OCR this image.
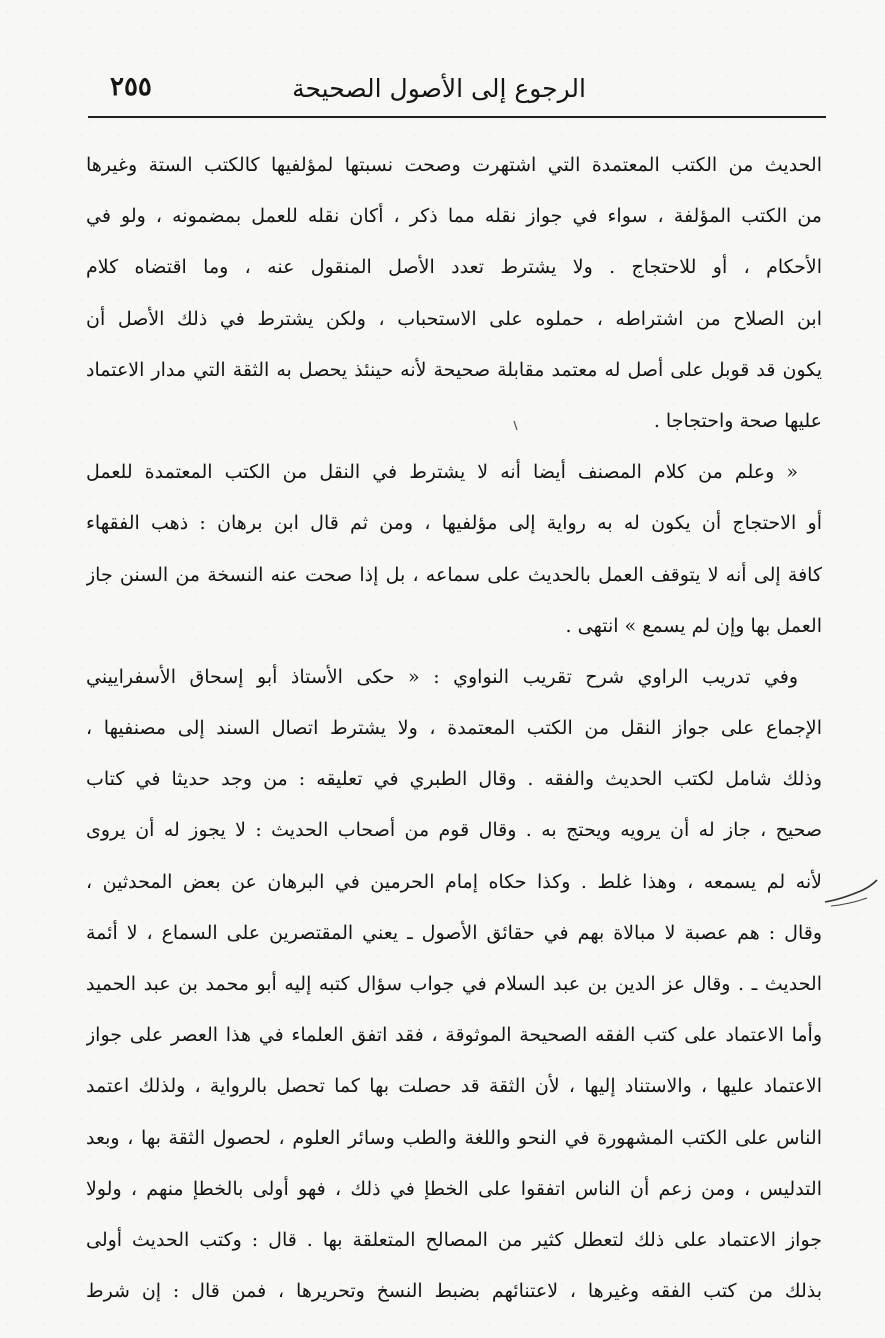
الرجوع إلى الأصول الصحيحة
٢٥٥
الحديث من الكتب المعتمدة التي اشتهرت وصحت نسبتها لمؤلفيها كالكتب الستة وغيرها
من الكتب المؤلفة ، سواء في جواز نقله مما ذكر ، أكان نقله للعمل بمضمونه ، ولو في
الأحكام ، أو للاحتجاج . ولا يشترط تعدد الأصل المنقول عنه ، وما اقتضاه كلام
ابن الصلاح من اشتراطه ، حملوه على الاستحباب ، ولكن يشترط في ذلك الأصل أن
يكون قد قوبل على أصل له معتمد مقابلة صحيحة لأنه حينئذ يحصل به الثقة التي مدار الاعتماد
عليها صحة واحتجاجا .
« وعلم من كلام المصنف أيضا أنه لا يشترط في النقل من الكتب المعتمدة للعمل
أو الاحتجاج أن يكون له به رواية إلى مؤلفيها ، ومن ثم قال ابن برهان : ذهب الفقهاء
كافة إلى أنه لا يتوقف العمل بالحديث على سماعه ، بل إذا صحت عنه النسخة من السنن جاز
العمل بها وإن لم يسمع » انتهى .
وفي تدريب الراوي شرح تقريب النواوي : « حكى الأستاذ أبو إسحاق الأسفراييني
الإجماع على جواز النقل من الكتب المعتمدة ، ولا يشترط اتصال السند إلى مصنفيها ،
وذلك شامل لكتب الحديث والفقه . وقال الطبري في تعليقه : من وجد حديثا في كتاب
صحيح ، جاز له أن يرويه ويحتج به . وقال قوم من أصحاب الحديث : لا يجوز له أن يروى
لأنه لم يسمعه ، وهذا غلط . وكذا حكاه إمام الحرمين في البرهان عن بعض المحدثين ،
وقال : هم عصبة لا مبالاة بهم في حقائق الأصول ـ يعني المقتصرين على السماع ، لا أئمة
الحديث ـ . وقال عز الدين بن عبد السلام في جواب سؤال كتبه إليه أبو محمد بن عبد الحميد
وأما الاعتماد على كتب الفقه الصحيحة الموثوقة ، فقد اتفق العلماء في هذا العصر على جواز
الاعتماد عليها ، والاستناد إليها ، لأن الثقة قد حصلت بها كما تحصل بالرواية ، ولذلك اعتمد
الناس على الكتب المشهورة في النحو واللغة والطب وسائر العلوم ، لحصول الثقة بها ، وبعد
التدليس ، ومن زعم أن الناس اتفقوا على الخطإ في ذلك ، فهو أولى بالخطإ منهم ، ولولا
جواز الاعتماد على ذلك لتعطل كثير من المصالح المتعلقة بها . قال : وكتب الحديث أولى
بذلك من كتب الفقه وغيرها ، لاعتنائهم بضبط النسخ وتحريرها ، فمن قال : إن شرط
